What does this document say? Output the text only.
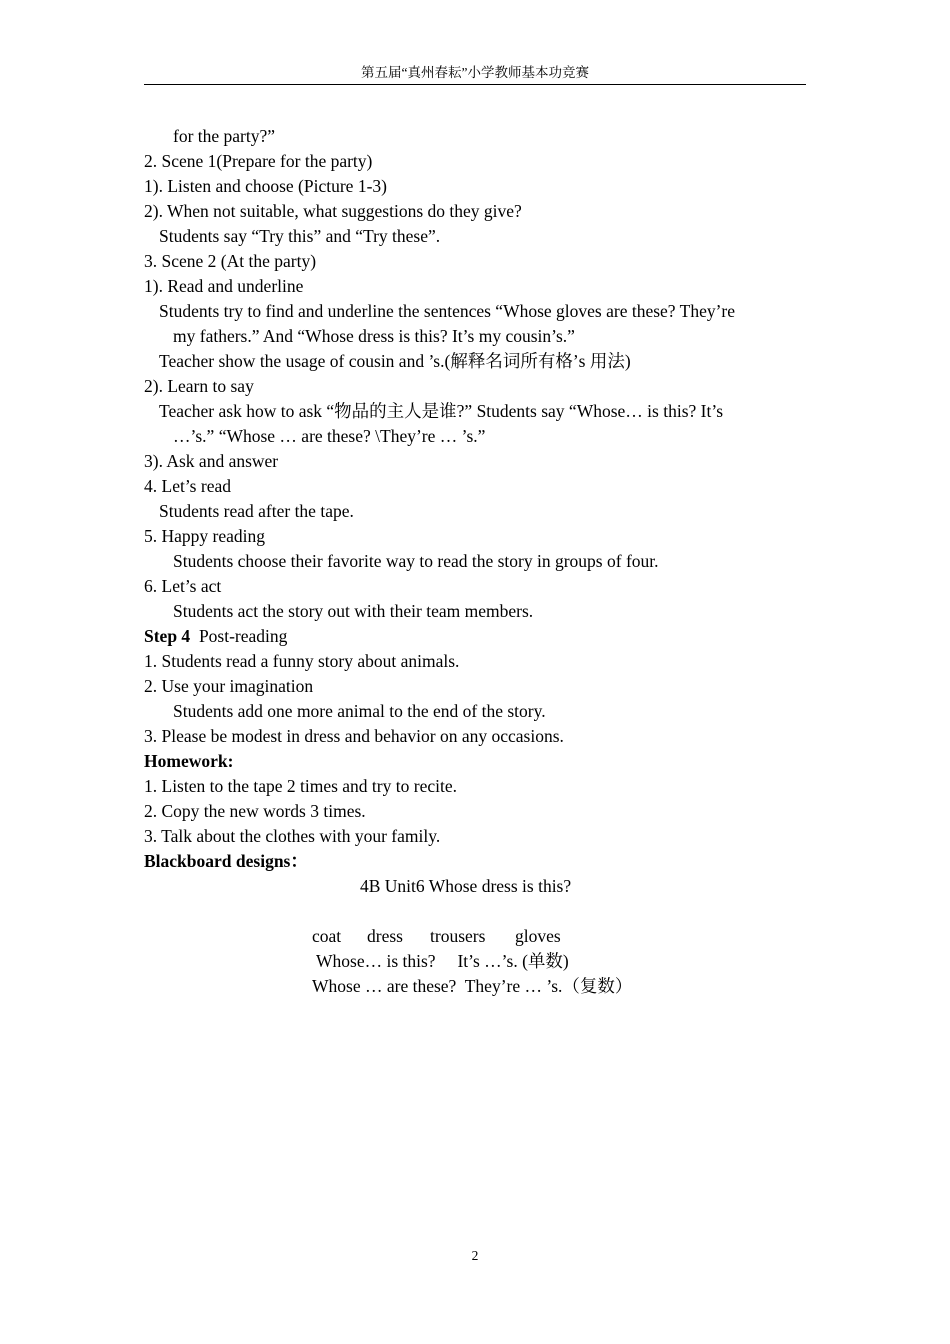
第五届“真州春耘”小学教师基本功竞赛
for the party?”
2. Scene 1(Prepare for the party)
1). Listen and choose (Picture 1-3)
2). When not suitable, what suggestions do they give?
Students say “Try this” and “Try these”.
3. Scene 2 (At the party)
1). Read and underline
Students try to find and underline the sentences “Whose gloves are these? They’re
my fathers.” And “Whose dress is this? It’s my cousin’s.”
Teacher show the usage of cousin and ’s.(解释名词所有格’s 用法)
2). Learn to say
Teacher ask how to ask “物品的主人是谁?” Students say “Whose… is this? It’s
…’s.” “Whose … are these? \They’re … ’s.”
3). Ask and answer
4. Let’s read
Students read after the tape.
5. Happy reading
Students choose their favorite way to read the story in groups of four.
6. Let’s act
Students act the story out with their team members.
Step 4 Post-reading
1. Students read a funny story about animals.
2. Use your imagination
Students add one more animal to the end of the story.
3. Please be modest in dress and behavior on any occasions.
Homework:
1. Listen to the tape 2 times and try to recite.
2. Copy the new words 3 times.
3. Talk about the clothes with your family.
Blackboard designs：
4B Unit6 Whose dress is this?
coat dress trousers gloves
Whose… is this?     It’s …’s. (单数)
Whose … are these?  They’re … ’s.（复数）
2
